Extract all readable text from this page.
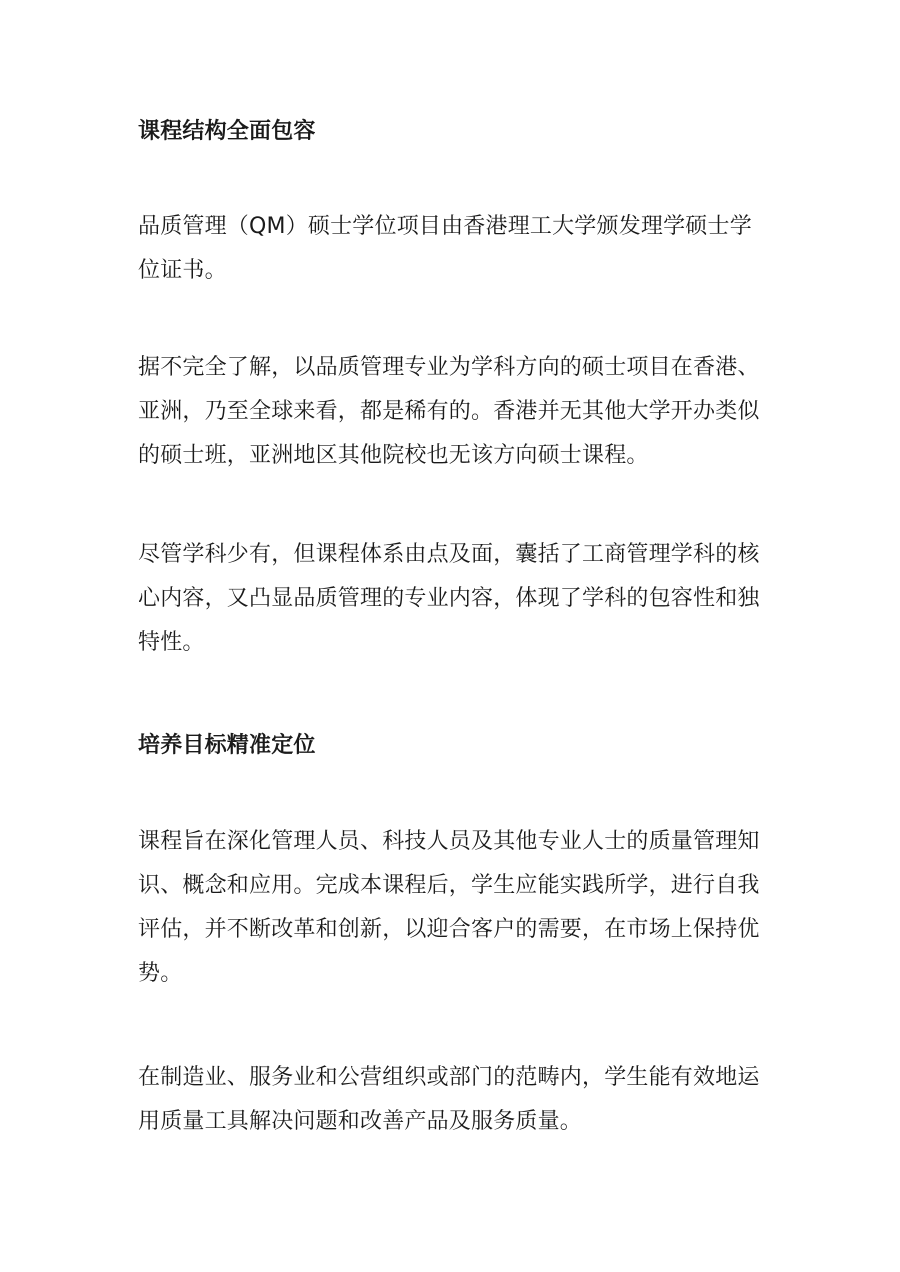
课程结构全面包容

品质管理（QM）硕士学位项目由香港理工大学颁发理学硕士学
位证书。

据不完全了解，以品质管理专业为学科方向的硕士项目在香港、
亚洲，乃至全球来看，都是稀有的。香港并无其他大学开办类似
的硕士班，亚洲地区其他院校也无该方向硕士课程。

尽管学科少有，但课程体系由点及面，囊括了工商管理学科的核
心内容，又凸显品质管理的专业内容，体现了学科的包容性和独
特性。

培养目标精准定位

课程旨在深化管理人员、科技人员及其他专业人士的质量管理知
识、概念和应用。完成本课程后，学生应能实践所学，进行自我
评估，并不断改革和创新，以迎合客户的需要，在市场上保持优
势。

在制造业、服务业和公营组织或部门的范畴内，学生能有效地运
用质量工具解决问题和改善产品及服务质量。
